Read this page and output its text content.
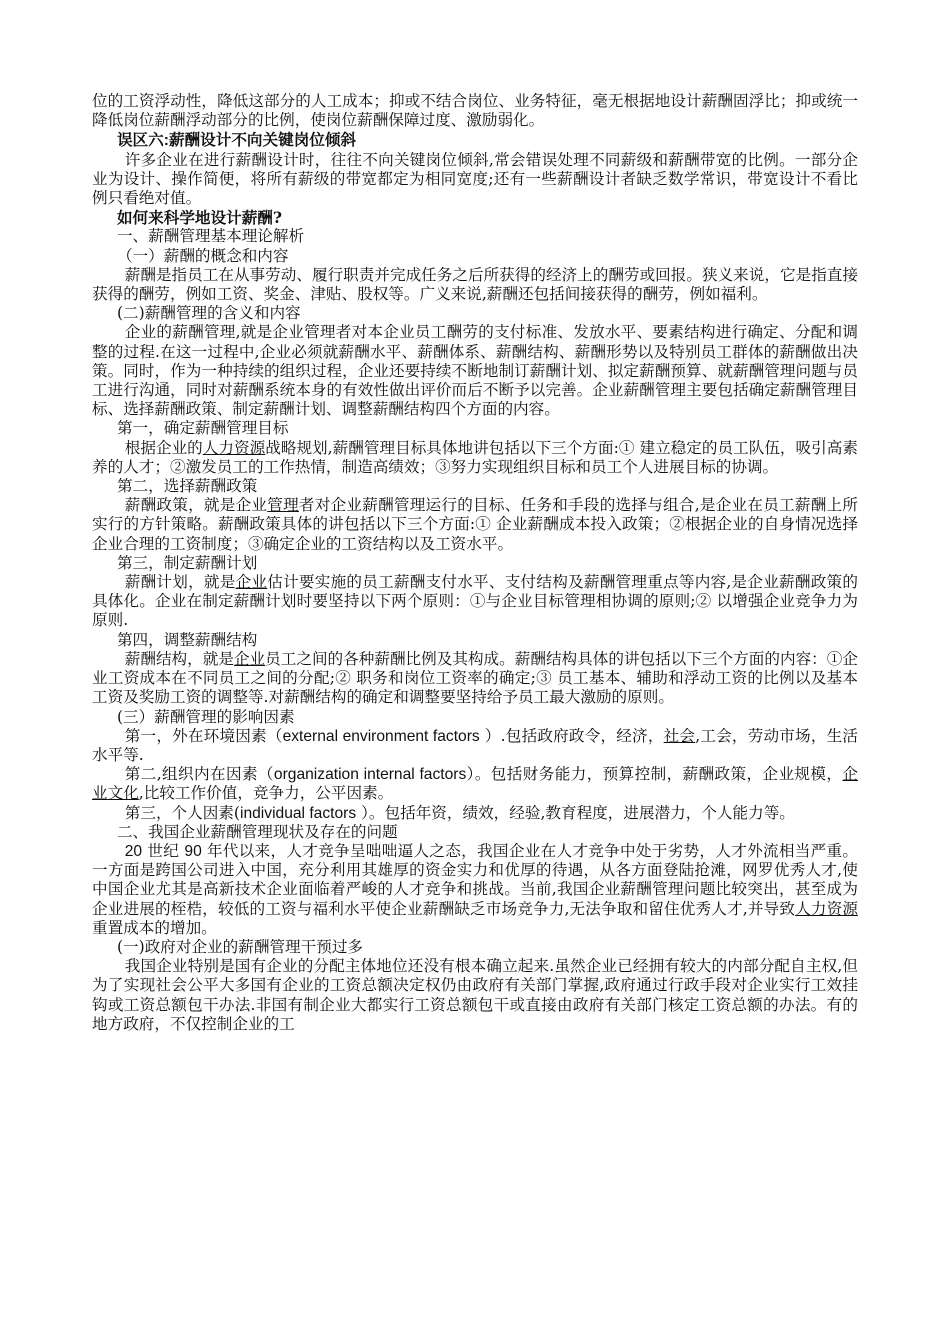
位的工资浮动性，降低这部分的人工成本；抑或不结合岗位、业务特征，毫无根据地设计薪酬固浮比；抑或统一降低岗位薪酬浮动部分的比例，使岗位薪酬保障过度、激励弱化。

误区六:薪酬设计不向关键岗位倾斜

许多企业在进行薪酬设计时，往往不向关键岗位倾斜,常会错误处理不同薪级和薪酬带宽的比例。一部分企业为设计、操作简便，将所有薪级的带宽都定为相同宽度;还有一些薪酬设计者缺乏数学常识，带宽设计不看比例只看绝对值。

如何来科学地设计薪酬?

一、薪酬管理基本理论解析

（一）薪酬的概念和内容

薪酬是指员工在从事劳动、履行职责并完成任务之后所获得的经济上的酬劳或回报。狭义来说，它是指直接获得的酬劳，例如工资、奖金、津贴、股权等。广义来说,薪酬还包括间接获得的酬劳，例如福利。

(二)薪酬管理的含义和内容

企业的薪酬管理,就是企业管理者对本企业员工酬劳的支付标准、发放水平、要素结构进行确定、分配和调整的过程.在这一过程中,企业必须就薪酬水平、薪酬体系、薪酬结构、薪酬形势以及特别员工群体的薪酬做出决策。同时，作为一种持续的组织过程，企业还要持续不断地制订薪酬计划、拟定薪酬预算、就薪酬管理问题与员工进行沟通，同时对薪酬系统本身的有效性做出评价而后不断予以完善。企业薪酬管理主要包括确定薪酬管理目标、选择薪酬政策、制定薪酬计划、调整薪酬结构四个方面的内容。

第一，确定薪酬管理目标

根据企业的人力资源战略规划,薪酬管理目标具体地讲包括以下三个方面:① 建立稳定的员工队伍，吸引高素养的人才；②激发员工的工作热情，制造高绩效；③努力实现组织目标和员工个人进展目标的协调。

第二，选择薪酬政策

薪酬政策，就是企业管理者对企业薪酬管理运行的目标、任务和手段的选择与组合,是企业在员工薪酬上所实行的方针策略。薪酬政策具体的讲包括以下三个方面:① 企业薪酬成本投入政策；②根据企业的自身情况选择企业合理的工资制度；③确定企业的工资结构以及工资水平。

第三，制定薪酬计划

薪酬计划，就是企业估计要实施的员工薪酬支付水平、支付结构及薪酬管理重点等内容,是企业薪酬政策的具体化。企业在制定薪酬计划时要坚持以下两个原则：①与企业目标管理相协调的原则;② 以增强企业竞争力为原则.

第四，调整薪酬结构

薪酬结构，就是企业员工之间的各种薪酬比例及其构成。薪酬结构具体的讲包括以下三个方面的内容：①企业工资成本在不同员工之间的分配;② 职务和岗位工资率的确定;③ 员工基本、辅助和浮动工资的比例以及基本工资及奖励工资的调整等.对薪酬结构的确定和调整要坚持给予员工最大激励的原则。

(三）薪酬管理的影响因素

第一，外在环境因素（external environment factors ）.包括政府政令，经济，社会,工会，劳动市场，生活水平等.

第二,组织内在因素（organization internal factors）。包括财务能力，预算控制，薪酬政策，企业规模，企业文化,比较工作价值，竞争力，公平因素。

第三，个人因素(individual factors ）。包括年资，绩效，经验,教育程度，进展潜力，个人能力等。

二、我国企业薪酬管理现状及存在的问题

20 世纪 90 年代以来，人才竞争呈咄咄逼人之态，我国企业在人才竞争中处于劣势，人才外流相当严重。一方面是跨国公司进入中国，充分利用其雄厚的资金实力和优厚的待遇，从各方面登陆抢滩，网罗优秀人才,使中国企业尤其是高新技术企业面临着严峻的人才竞争和挑战。当前,我国企业薪酬管理问题比较突出，甚至成为企业进展的桎梏，较低的工资与福利水平使企业薪酬缺乏市场竞争力,无法争取和留住优秀人才,并导致人力资源重置成本的增加。

(一)政府对企业的薪酬管理干预过多

我国企业特别是国有企业的分配主体地位还没有根本确立起来.虽然企业已经拥有较大的内部分配自主权,但为了实现社会公平大多国有企业的工资总额决定权仍由政府有关部门掌握,政府通过行政手段对企业实行工效挂钩或工资总额包干办法.非国有制企业大都实行工资总额包干或直接由政府有关部门核定工资总额的办法。有的地方政府，不仅控制企业的工
